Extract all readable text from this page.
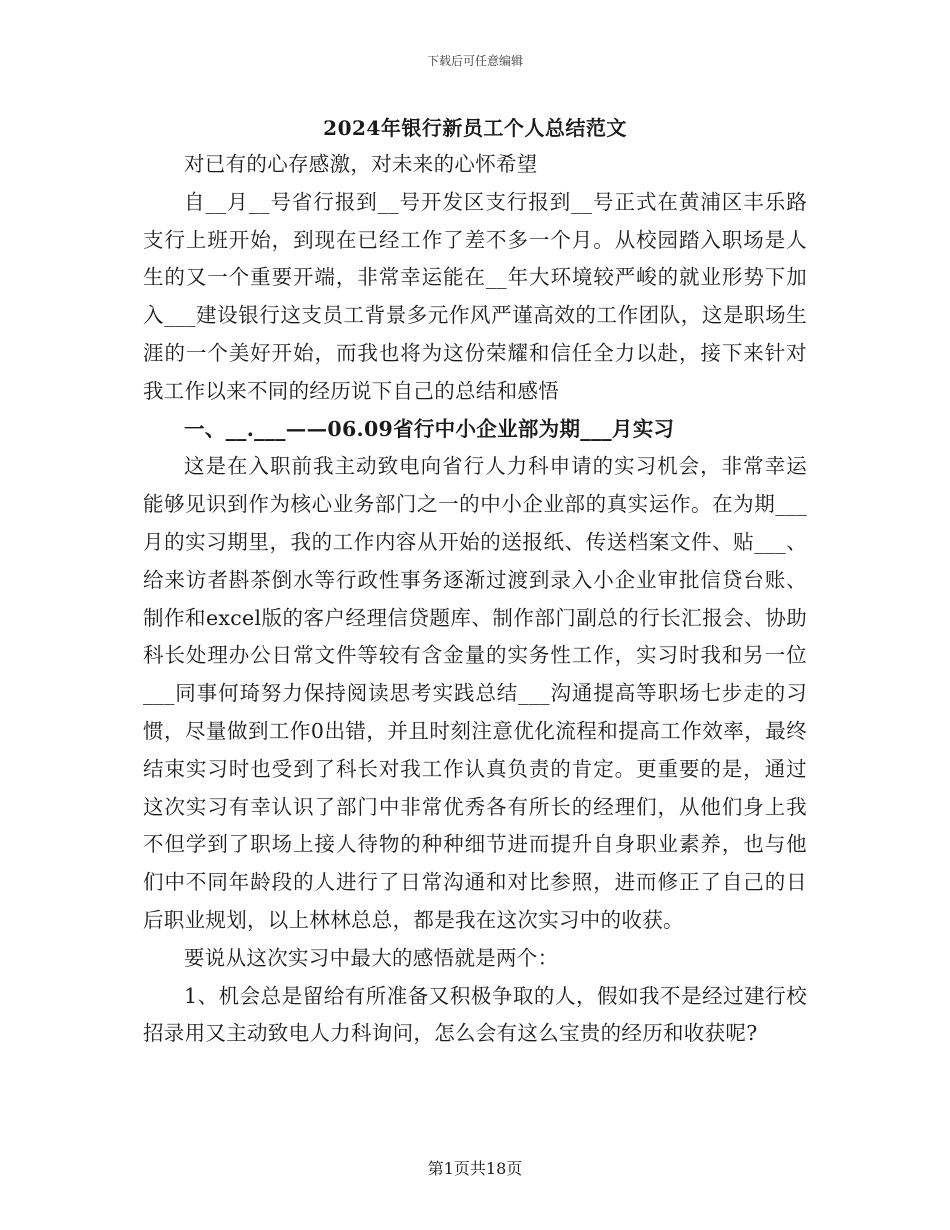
下载后可任意编辑

2024年银行新员工个人总结范文

对已有的心存感激，对未来的心怀希望

自__月__号省行报到__号开发区支行报到__号正式在黄浦区丰乐路支行上班开始，到现在已经工作了差不多一个月。从校园踏入职场是人生的又一个重要开端，非常幸运能在__年大环境较严峻的就业形势下加入___建设银行这支员工背景多元作风严谨高效的工作团队，这是职场生涯的一个美好开始，而我也将为这份荣耀和信任全力以赴，接下来针对我工作以来不同的经历说下自己的总结和感悟

一、__.___——06.09省行中小企业部为期___月实习

这是在入职前我主动致电向省行人力科申请的实习机会，非常幸运能够见识到作为核心业务部门之一的中小企业部的真实运作。在为期___月的实习期里，我的工作内容从开始的送报纸、传送档案文件、贴___、给来访者斟茶倒水等行政性事务逐渐过渡到录入小企业审批信贷台账、制作和excel版的客户经理信贷题库、制作部门副总的行长汇报会、协助科长处理办公日常文件等较有含金量的实务性工作，实习时我和另一位___同事何琦努力保持阅读思考实践总结___沟通提高等职场七步走的习惯，尽量做到工作0出错，并且时刻注意优化流程和提高工作效率，最终结束实习时也受到了科长对我工作认真负责的肯定。更重要的是，通过这次实习有幸认识了部门中非常优秀各有所长的经理们，从他们身上我不但学到了职场上接人待物的种种细节进而提升自身职业素养，也与他们中不同年龄段的人进行了日常沟通和对比参照，进而修正了自己的日后职业规划，以上林林总总，都是我在这次实习中的收获。

要说从这次实习中最大的感悟就是两个：

1、机会总是留给有所准备又积极争取的人，假如我不是经过建行校招录用又主动致电人力科询问，怎么会有这么宝贵的经历和收获呢?

第1页共18页
